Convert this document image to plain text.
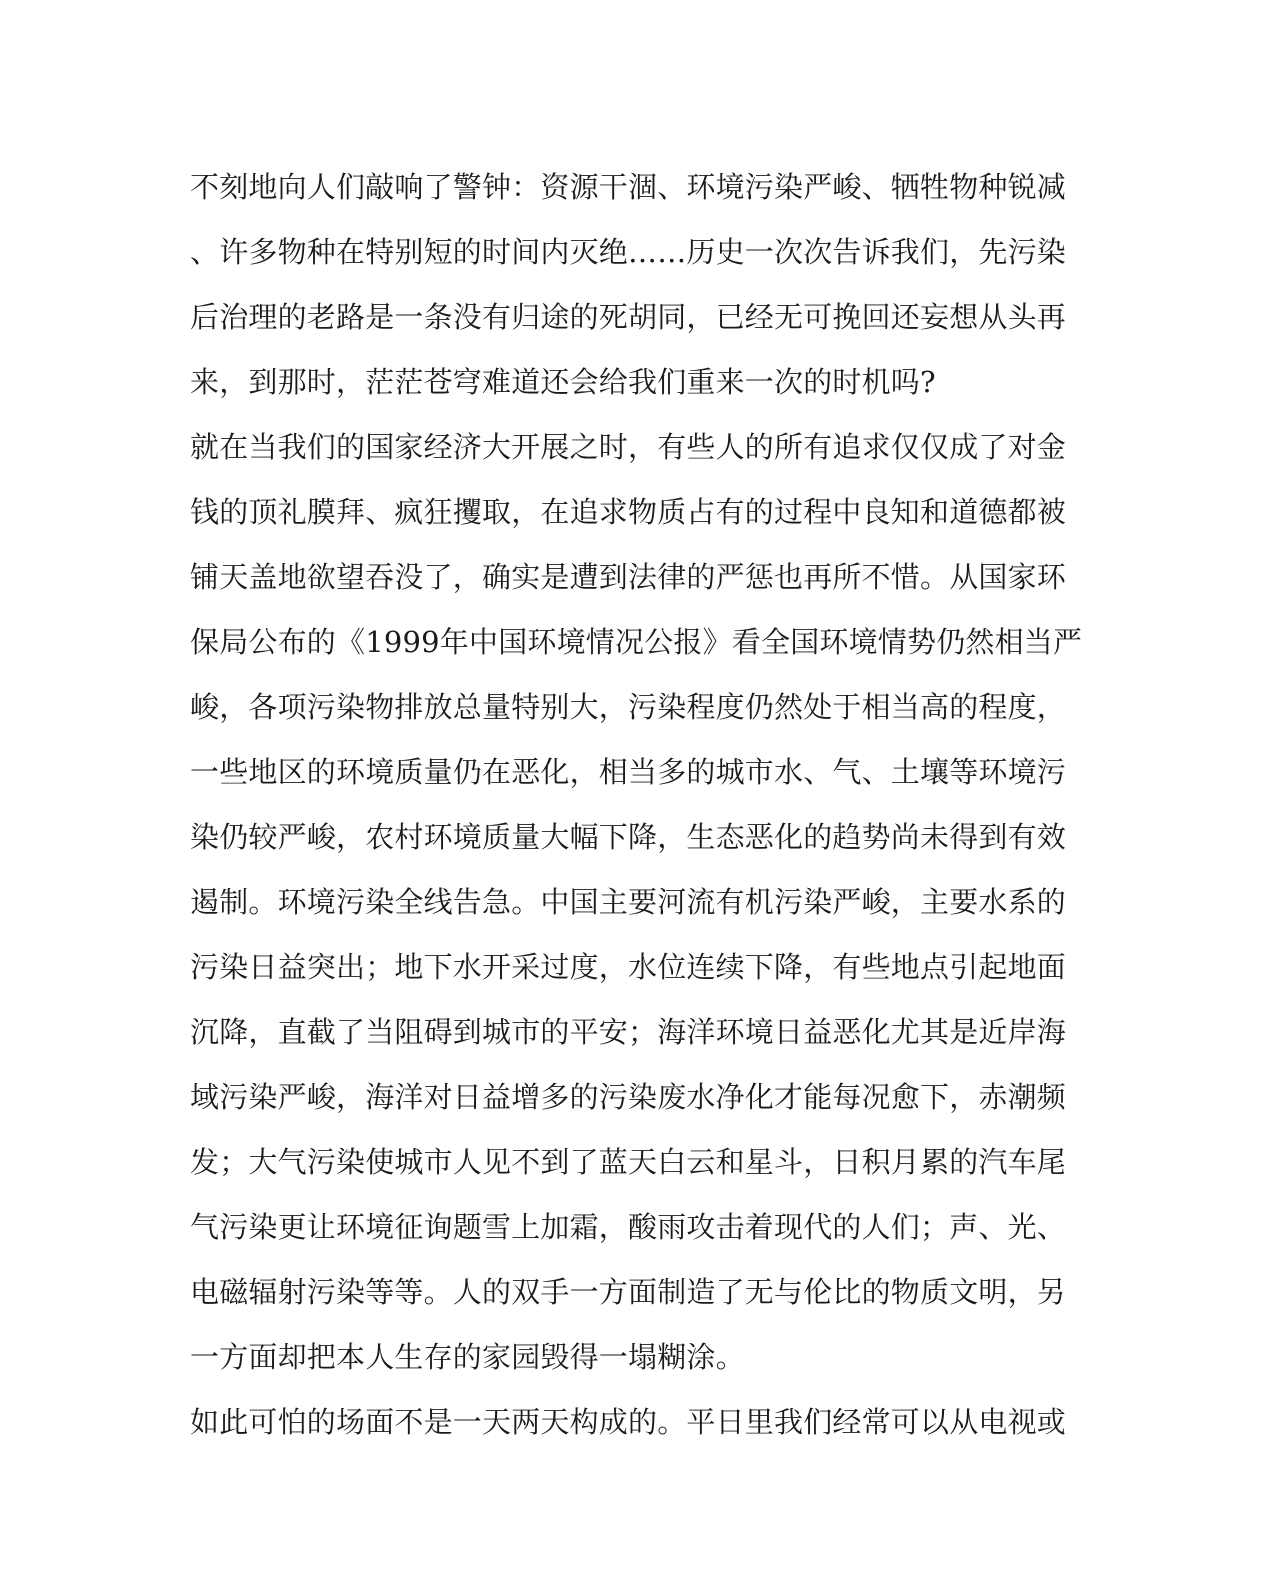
不刻地向人们敲响了警钟：资源干涸、环境污染严峻、牺牲物种锐减
、许多物种在特别短的时间内灭绝……历史一次次告诉我们，先污染
后治理的老路是一条没有归途的死胡同，已经无可挽回还妄想从头再
来，到那时，茫茫苍穹难道还会给我们重来一次的时机吗?
就在当我们的国家经济大开展之时，有些人的所有追求仅仅成了对金
钱的顶礼膜拜、疯狂攫取，在追求物质占有的过程中良知和道德都被
铺天盖地欲望吞没了，确实是遭到法律的严惩也再所不惜。从国家环
保局公布的《1999年中国环境情况公报》看全国环境情势仍然相当严
峻，各项污染物排放总量特别大，污染程度仍然处于相当高的程度，
一些地区的环境质量仍在恶化，相当多的城市水、气、土壤等环境污
染仍较严峻，农村环境质量大幅下降，生态恶化的趋势尚未得到有效
遏制。环境污染全线告急。中国主要河流有机污染严峻，主要水系的
污染日益突出；地下水开采过度，水位连续下降，有些地点引起地面
沉降，直截了当阻碍到城市的平安；海洋环境日益恶化尤其是近岸海
域污染严峻，海洋对日益增多的污染废水净化才能每况愈下，赤潮频
发；大气污染使城市人见不到了蓝天白云和星斗，日积月累的汽车尾
气污染更让环境征询题雪上加霜，酸雨攻击着现代的人们；声、光、
电磁辐射污染等等。人的双手一方面制造了无与伦比的物质文明，另
一方面却把本人生存的家园毁得一塌糊涂。
如此可怕的场面不是一天两天构成的。平日里我们经常可以从电视或
